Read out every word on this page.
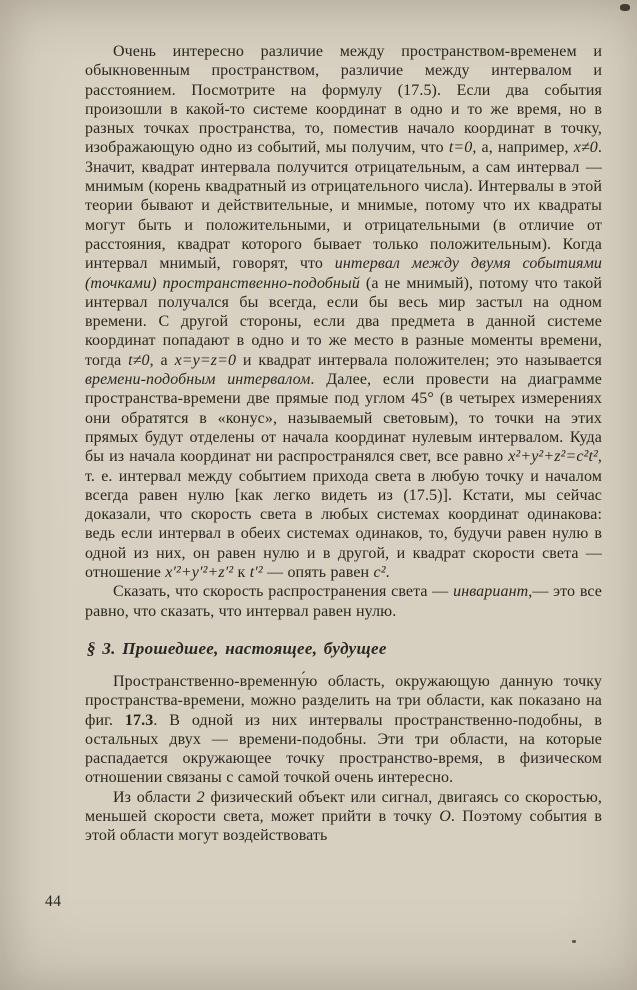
Очень интересно различие между пространством-временем и обыкновенным пространством, различие между интервалом и расстоянием. Посмотрите на формулу (17.5). Если два события произошли в какой-то системе координат в одно и то же время, но в разных точках пространства, то, поместив начало координат в точку, изображающую одно из событий, мы получим, что t=0, а, например, x≠0. Значит, квадрат интервала получится отрицательным, а сам интервал — мнимым (корень квадратный из отрицательного числа). Интервалы в этой теории бывают и действительные, и мнимые, потому что их квадраты могут быть и положительными, и отрицательными (в отличие от расстояния, квадрат которого бывает только положительным). Когда интервал мнимый, говорят, что интервал между двумя событиями (точками) пространственно-подобный (а не мнимый), потому что такой интервал получался бы всегда, если бы весь мир застыл на одном времени. С другой стороны, если два предмета в данной системе координат попадают в одно и то же место в разные моменты времени, тогда t≠0, а x=y=z=0 и квадрат интервала положителен; это называется времени-подобным интервалом. Далее, если провести на диаграмме пространства-времени две прямые под углом 45° (в четырех измерениях они обратятся в «конус», называемый световым), то точки на этих прямых будут отделены от начала координат нулевым интервалом. Куда бы из начала координат ни распространялся свет, все равно x²+y²+z²=c²t², т. е. интервал между событием прихода света в любую точку и началом всегда равен нулю [как легко видеть из (17.5)]. Кстати, мы сейчас доказали, что скорость света в любых системах координат одинакова: ведь если интервал в обеих системах одинаков, то, будучи равен нулю в одной из них, он равен нулю и в другой, и квадрат скорости света — отношение x′²+y′²+z′² к t′² — опять равен c².

Сказать, что скорость распространения света — инвариант,— это все равно, что сказать, что интервал равен нулю.

§ 3. Прошедшее, настоящее, будущее

Пространственно-временну́ю область, окружающую данную точку пространства-времени, можно разделить на три области, как показано на фиг. 17.3. В одной из них интервалы пространственно-подобны, в остальных двух — времени-подобны. Эти три области, на которые распадается окружающее точку пространство-время, в физическом отношении связаны с самой точкой очень интересно.

Из области 2 физический объект или сигнал, двигаясь со скоростью, меньшей скорости света, может прийти в точку O. Поэтому события в этой области могут воздействовать

44
